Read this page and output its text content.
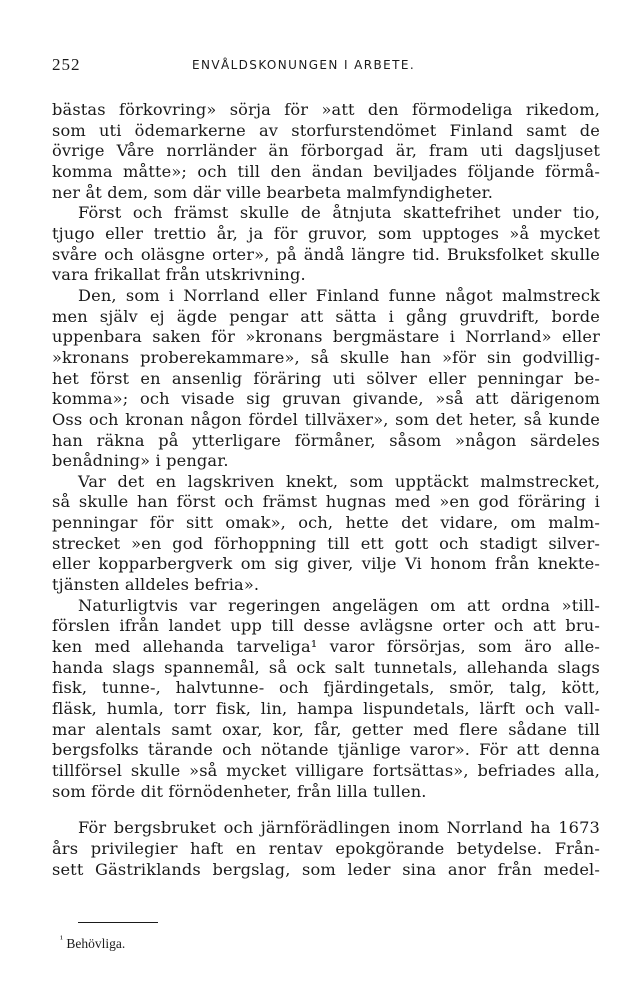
252	ENVÅLDSKONUNGEN I ARBETE.
bästas förkovring» sörja för »att den förmodeliga rikedom,
som uti ödemarkerne av storfurstendömet Finland samt de
övrige Våre norrländer än förborgad är, fram uti dagsljuset
komma måtte»; och till den ändan beviljades följande förmå-
ner åt dem, som där ville bearbeta malmfyndigheter.
Först och främst skulle de åtnjuta skattefrihet under tio,
tjugo eller trettio år, ja för gruvor, som upptoges »å mycket
svåre och oläsgne orter», på ändå längre tid. Bruksfolket skulle
vara frikallat från utskrivning.
Den, som i Norrland eller Finland funne något malmstreck
men själv ej ägde pengar att sätta i gång gruvdrift, borde
uppenbara saken för »kronans bergmästare i Norrland» eller
»kronans proberekammare», så skulle han »för sin godvillig-
het först en ansenlig föräring uti sölver eller penningar be-
komma»; och visade sig gruvan givande, »så att därigenom
Oss och kronan någon fördel tillväxer», som det heter, så kunde
han räkna på ytterligare förmåner, såsom »någon särdeles
benådning» i pengar.
Var det en lagskriven knekt, som upptäckt malmstrecket,
så skulle han först och främst hugnas med »en god föräring i
penningar för sitt omak», och, hette det vidare, om malm-
strecket »en god förhoppning till ett gott och stadigt silver-
eller kopparbergverk om sig giver, vilje Vi honom från knekte-
tjänsten alldeles befria».
Naturligtvis var regeringen angelägen om att ordna »till-
förslen ifrån landet upp till desse avlägsne orter och att bru-
ken med allehanda tarveliga¹ varor försörjas, som äro alle-
handa slags spannemål, så ock salt tunnetals, allehanda slags
fisk, tunne-, halvtunne- och fjärdingetals, smör, talg, kött,
fläsk, humla, torr fisk, lin, hampa lispundetals, lärft och vall-
mar alentals samt oxar, kor, får, getter med flere sådane till
bergsfolks tärande och nötande tjänlige varor». För att denna
tillförsel skulle »så mycket villigare fortsättas», befriades alla,
som förde dit förnödenheter, från lilla tullen.
För bergsbruket och järnförädlingen inom Norrland ha 1673
års privilegier haft en rentav epokgörande betydelse. Från-
sett Gästriklands bergslag, som leder sina anor från medel-
$^{^1}$ Behövliga.
